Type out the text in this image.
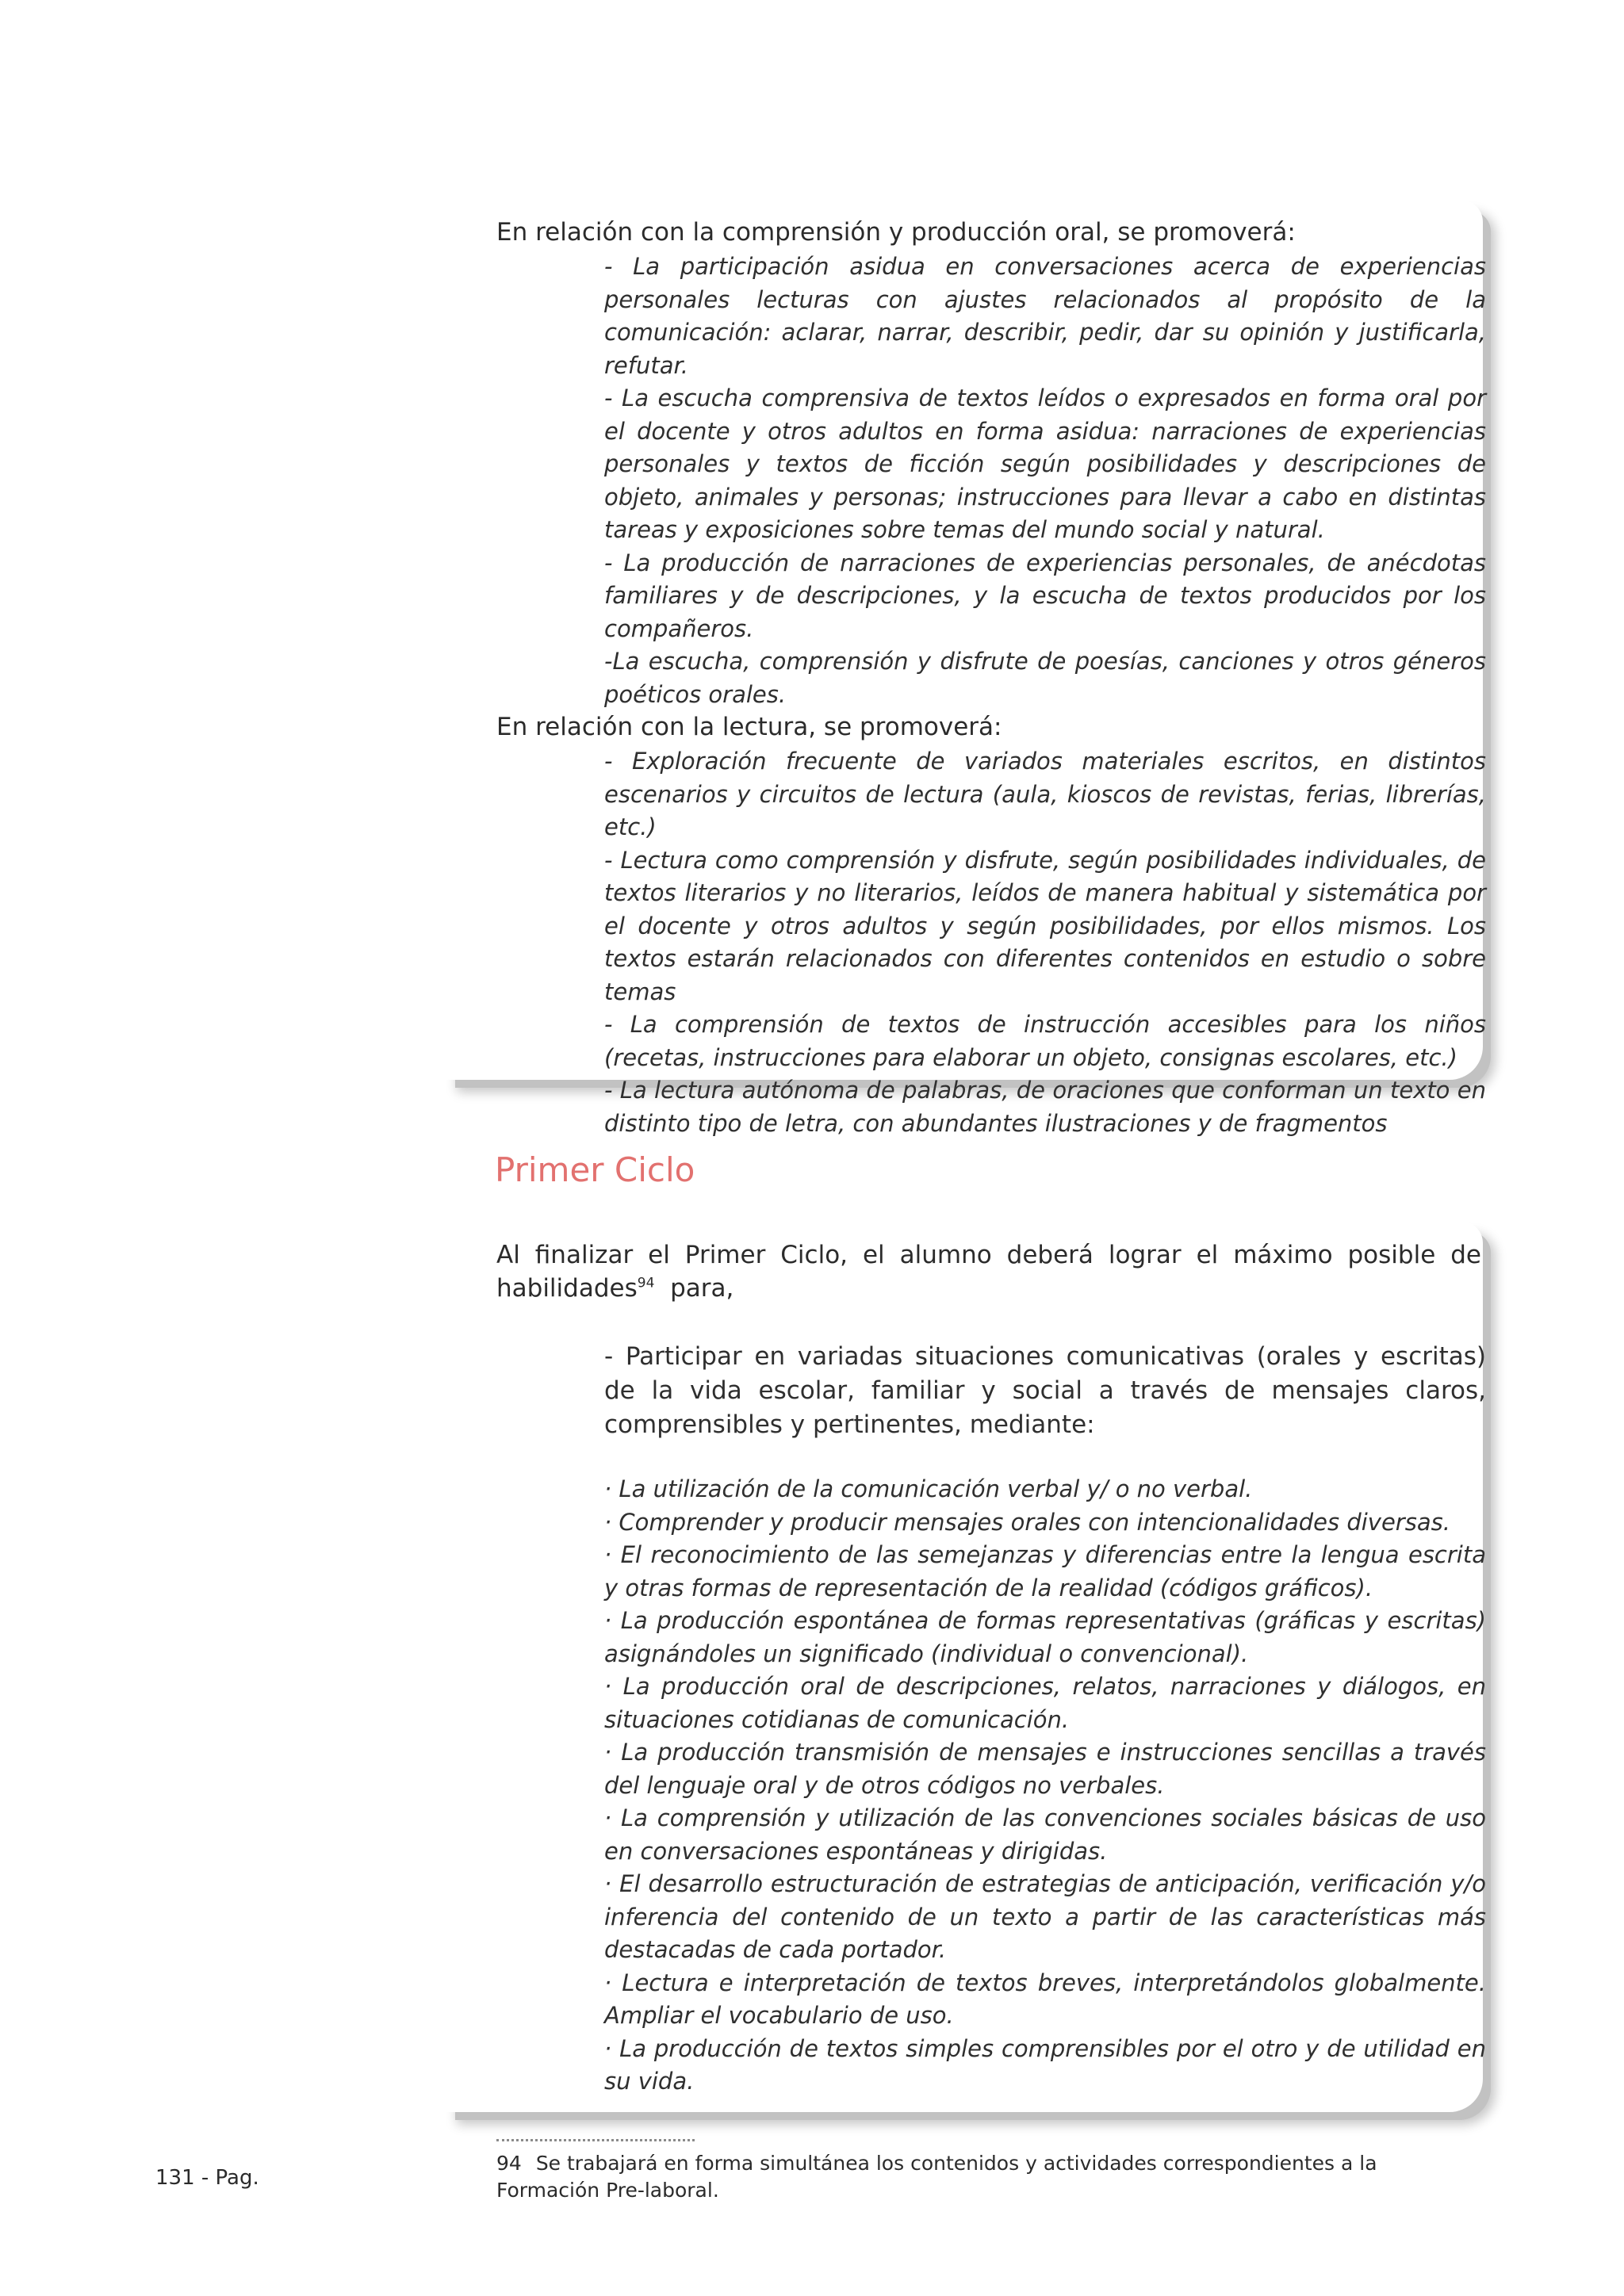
En relación con la comprensión y producción oral, se promoverá:

- La participación asidua en conversaciones acerca de experiencias personales lecturas con ajustes relacionados al propósito de la comunicación: aclarar, narrar, describir, pedir, dar su opinión y justificarla, refutar.

- La escucha comprensiva de textos leídos o expresados en forma oral por el docente y otros adultos en forma asidua: narraciones de experiencias personales y textos de ficción según posibilidades y descripciones de objeto, animales y personas; instrucciones para llevar a cabo en distintas tareas y exposiciones sobre temas del mundo social y natural.

- La producción de narraciones de experiencias personales, de anécdotas familiares y de descripciones, y la escucha de textos producidos por los compañeros.

-La escucha, comprensión y disfrute de poesías, canciones y otros géneros poéticos orales.

En relación con la lectura, se promoverá:

- Exploración frecuente de variados materiales escritos, en distintos escenarios y circuitos de lectura (aula, kioscos de revistas, ferias, librerías, etc.)

- Lectura como comprensión y disfrute, según posibilidades individuales, de textos literarios y no literarios, leídos de manera habitual y sistemática por el docente y otros adultos y según posibilidades, por ellos mismos. Los textos estarán relacionados con diferentes contenidos en estudio o sobre temas

- La comprensión de textos de instrucción accesibles para los niños (recetas, instrucciones para elaborar un objeto, consignas escolares, etc.)

- La lectura autónoma de palabras, de oraciones que conforman un texto en distinto tipo de letra, con abundantes ilustraciones y de fragmentos

Primer Ciclo

Al finalizar el Primer Ciclo, el alumno deberá lograr el máximo posible de habilidades$^{94}$  para,

- Participar en variadas situaciones comunicativas (orales y escritas) de la vida escolar, familiar y social a través de mensajes claros, comprensibles y pertinentes, mediante:

· La utilización de la comunicación verbal y/ o no verbal.

· Comprender y producir mensajes orales con intencionalidades diversas.

· El reconocimiento de las semejanzas y diferencias entre la lengua escrita y otras formas de representación de la realidad (códigos gráficos).

· La producción espontánea de formas representativas (gráficas y escritas) asignándoles un significado (individual o convencional).

· La producción oral de descripciones, relatos, narraciones y diálogos, en situaciones cotidianas de comunicación.

· La producción transmisión de mensajes e instrucciones sencillas a través del lenguaje oral y de otros códigos no verbales.

· La comprensión y utilización de las convenciones sociales básicas de uso en conversaciones espontáneas y dirigidas.

· El desarrollo estructuración de estrategias de anticipación, verificación y/o inferencia del contenido de un texto a partir de las características más destacadas de cada portador.

· Lectura e interpretación de textos breves, interpretándolos globalmente. Ampliar el vocabulario de uso.

· La producción de textos simples comprensibles por el otro y de utilidad en su vida.

94 Se trabajará en forma simultánea los contenidos y actividades correspondientes a la Formación Pre-laboral.

131 - Pag.
